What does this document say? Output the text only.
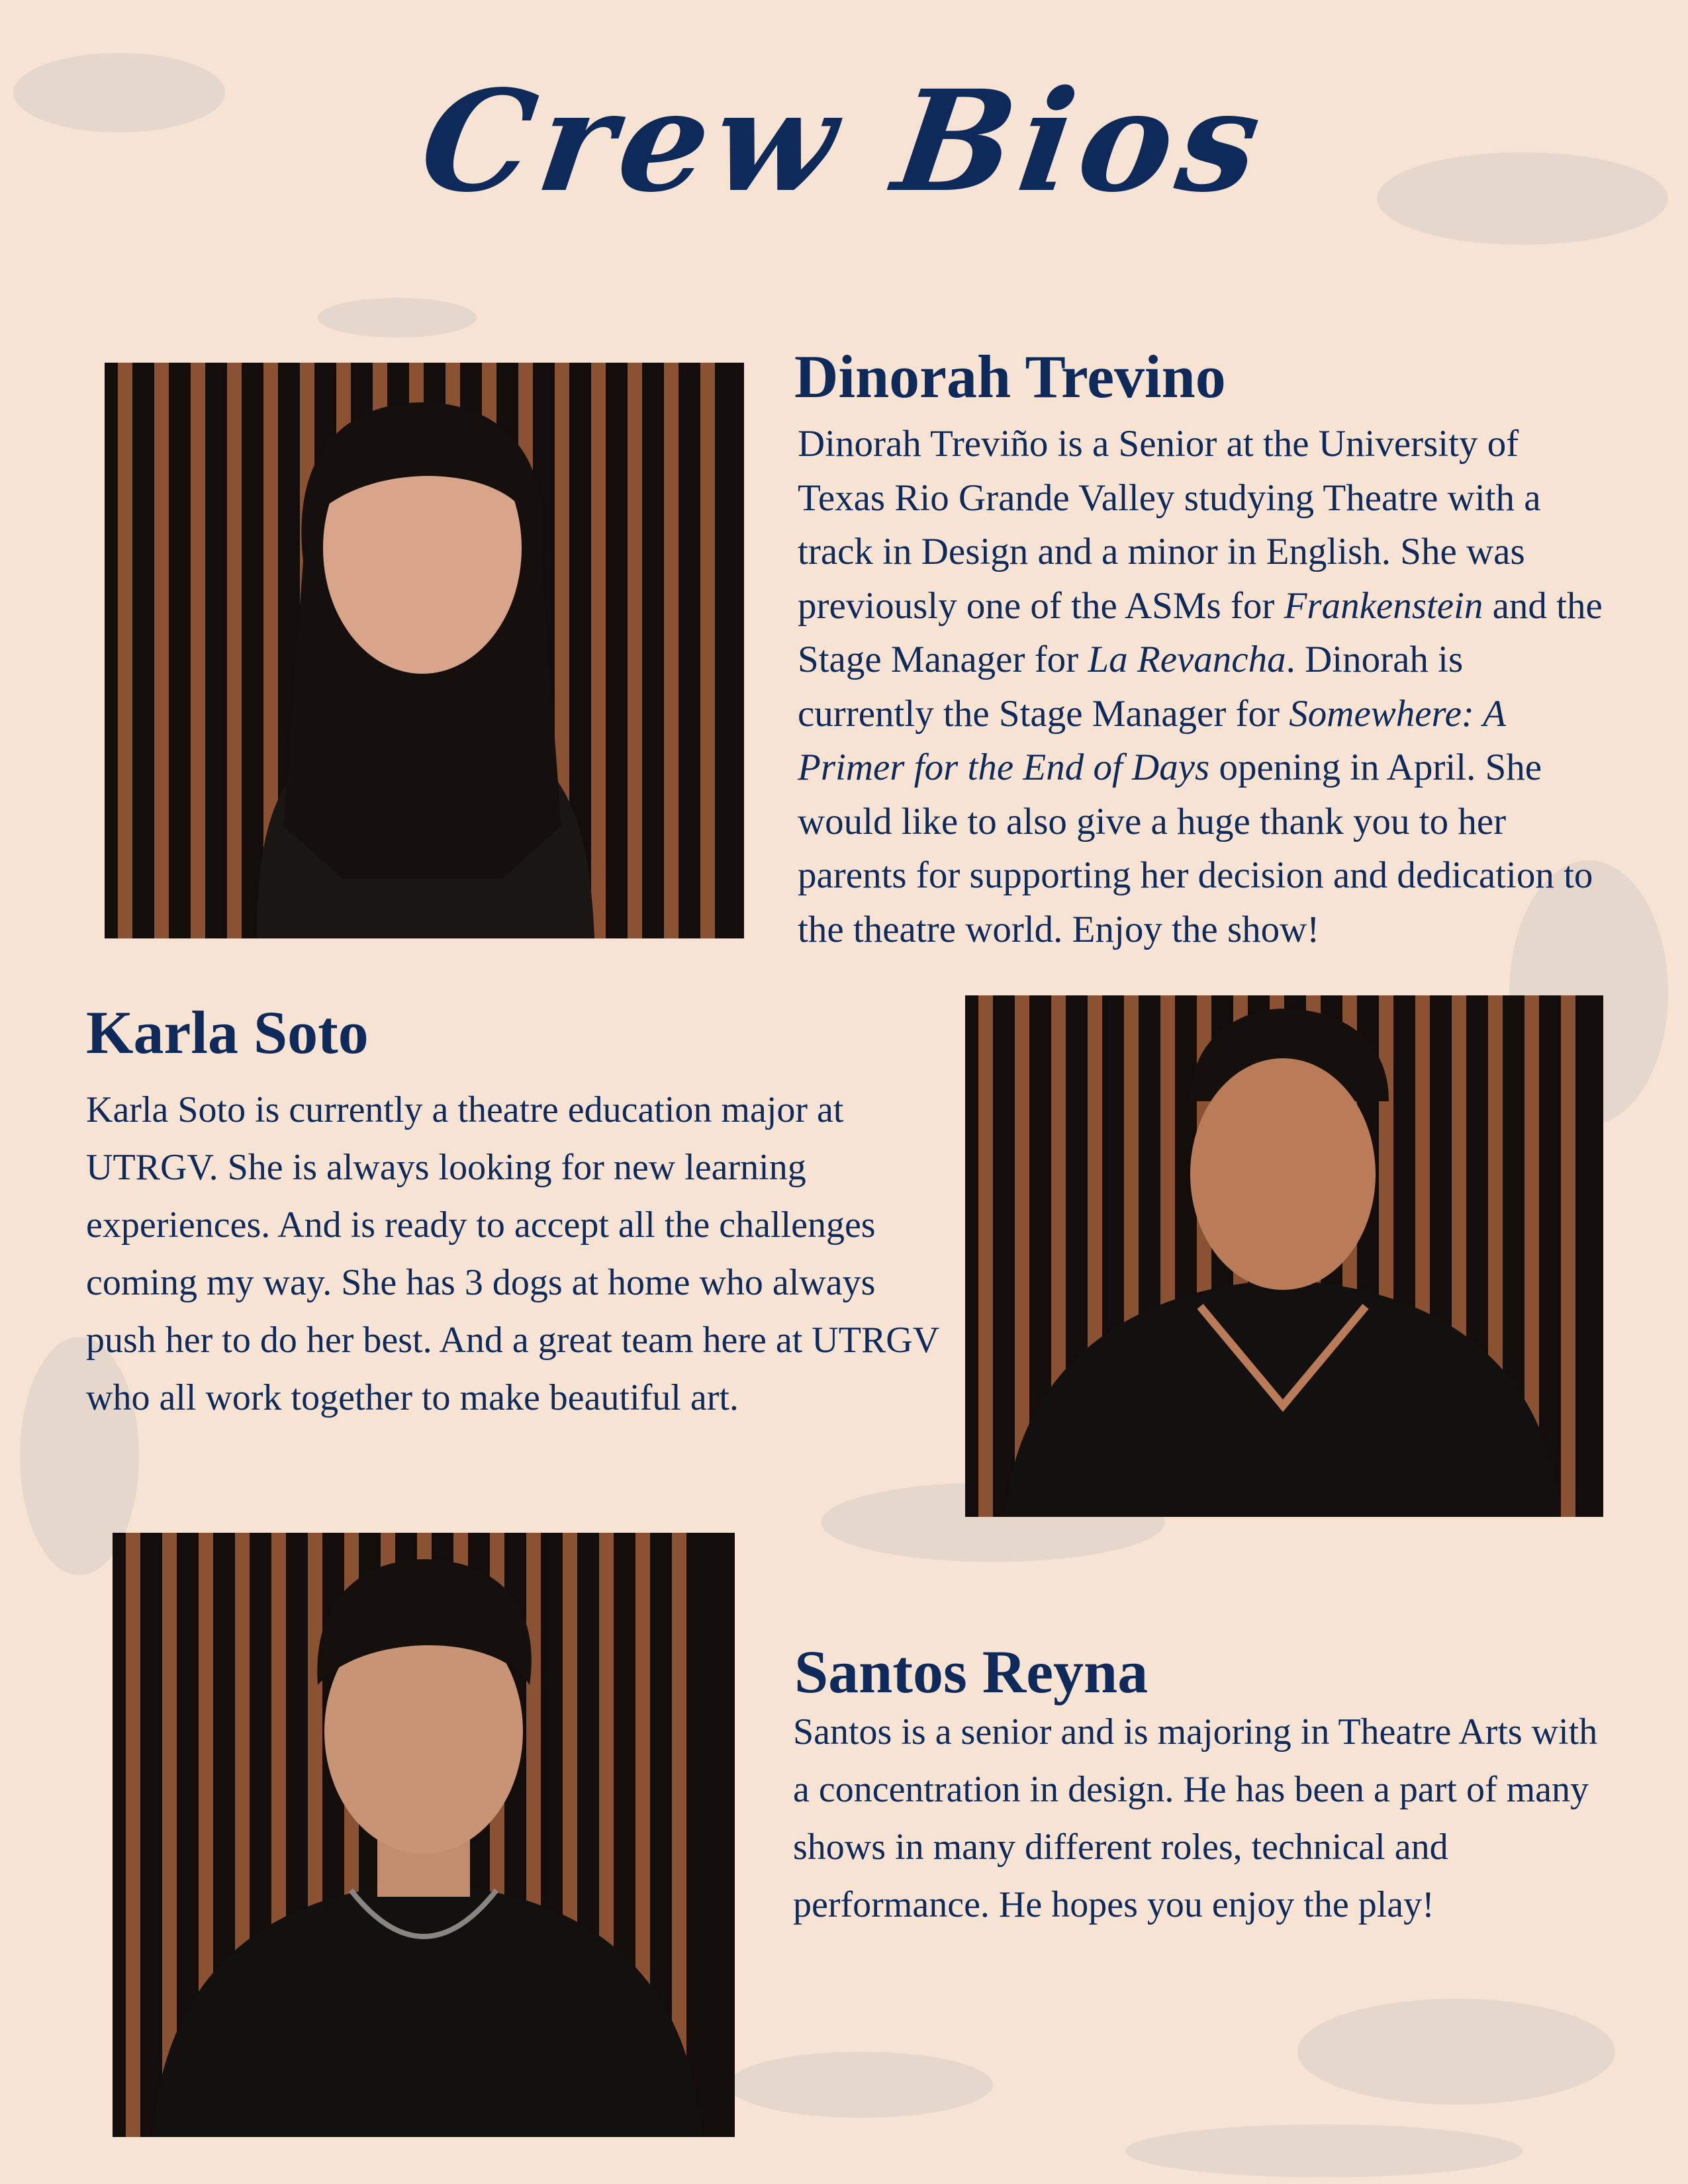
Crew Bios
Dinorah Trevino

Dinorah Treviño is a Senior at the University of Texas Rio Grande Valley studying Theatre with a track in Design and a minor in English. She was previously one of the ASMs for Frankenstein and the Stage Manager for La Revancha. Dinorah is currently the Stage Manager for Somewhere: A Primer for the End of Days opening in April. She would like to also give a huge thank you to her parents for supporting her decision and dedication to the theatre world. Enjoy the show!

Karla Soto

Karla Soto is currently a theatre education major at UTRGV. She is always looking for new learning experiences. And is ready to accept all the challenges coming my way. She has 3 dogs at home who always push her to do her best. And a great team here at UTRGV who all work together to make beautiful art.

Santos Reyna

Santos is a senior and is majoring in Theatre Arts with a concentration in design. He has been a part of many shows in many different roles, technical and performance. He hopes you enjoy the play!
